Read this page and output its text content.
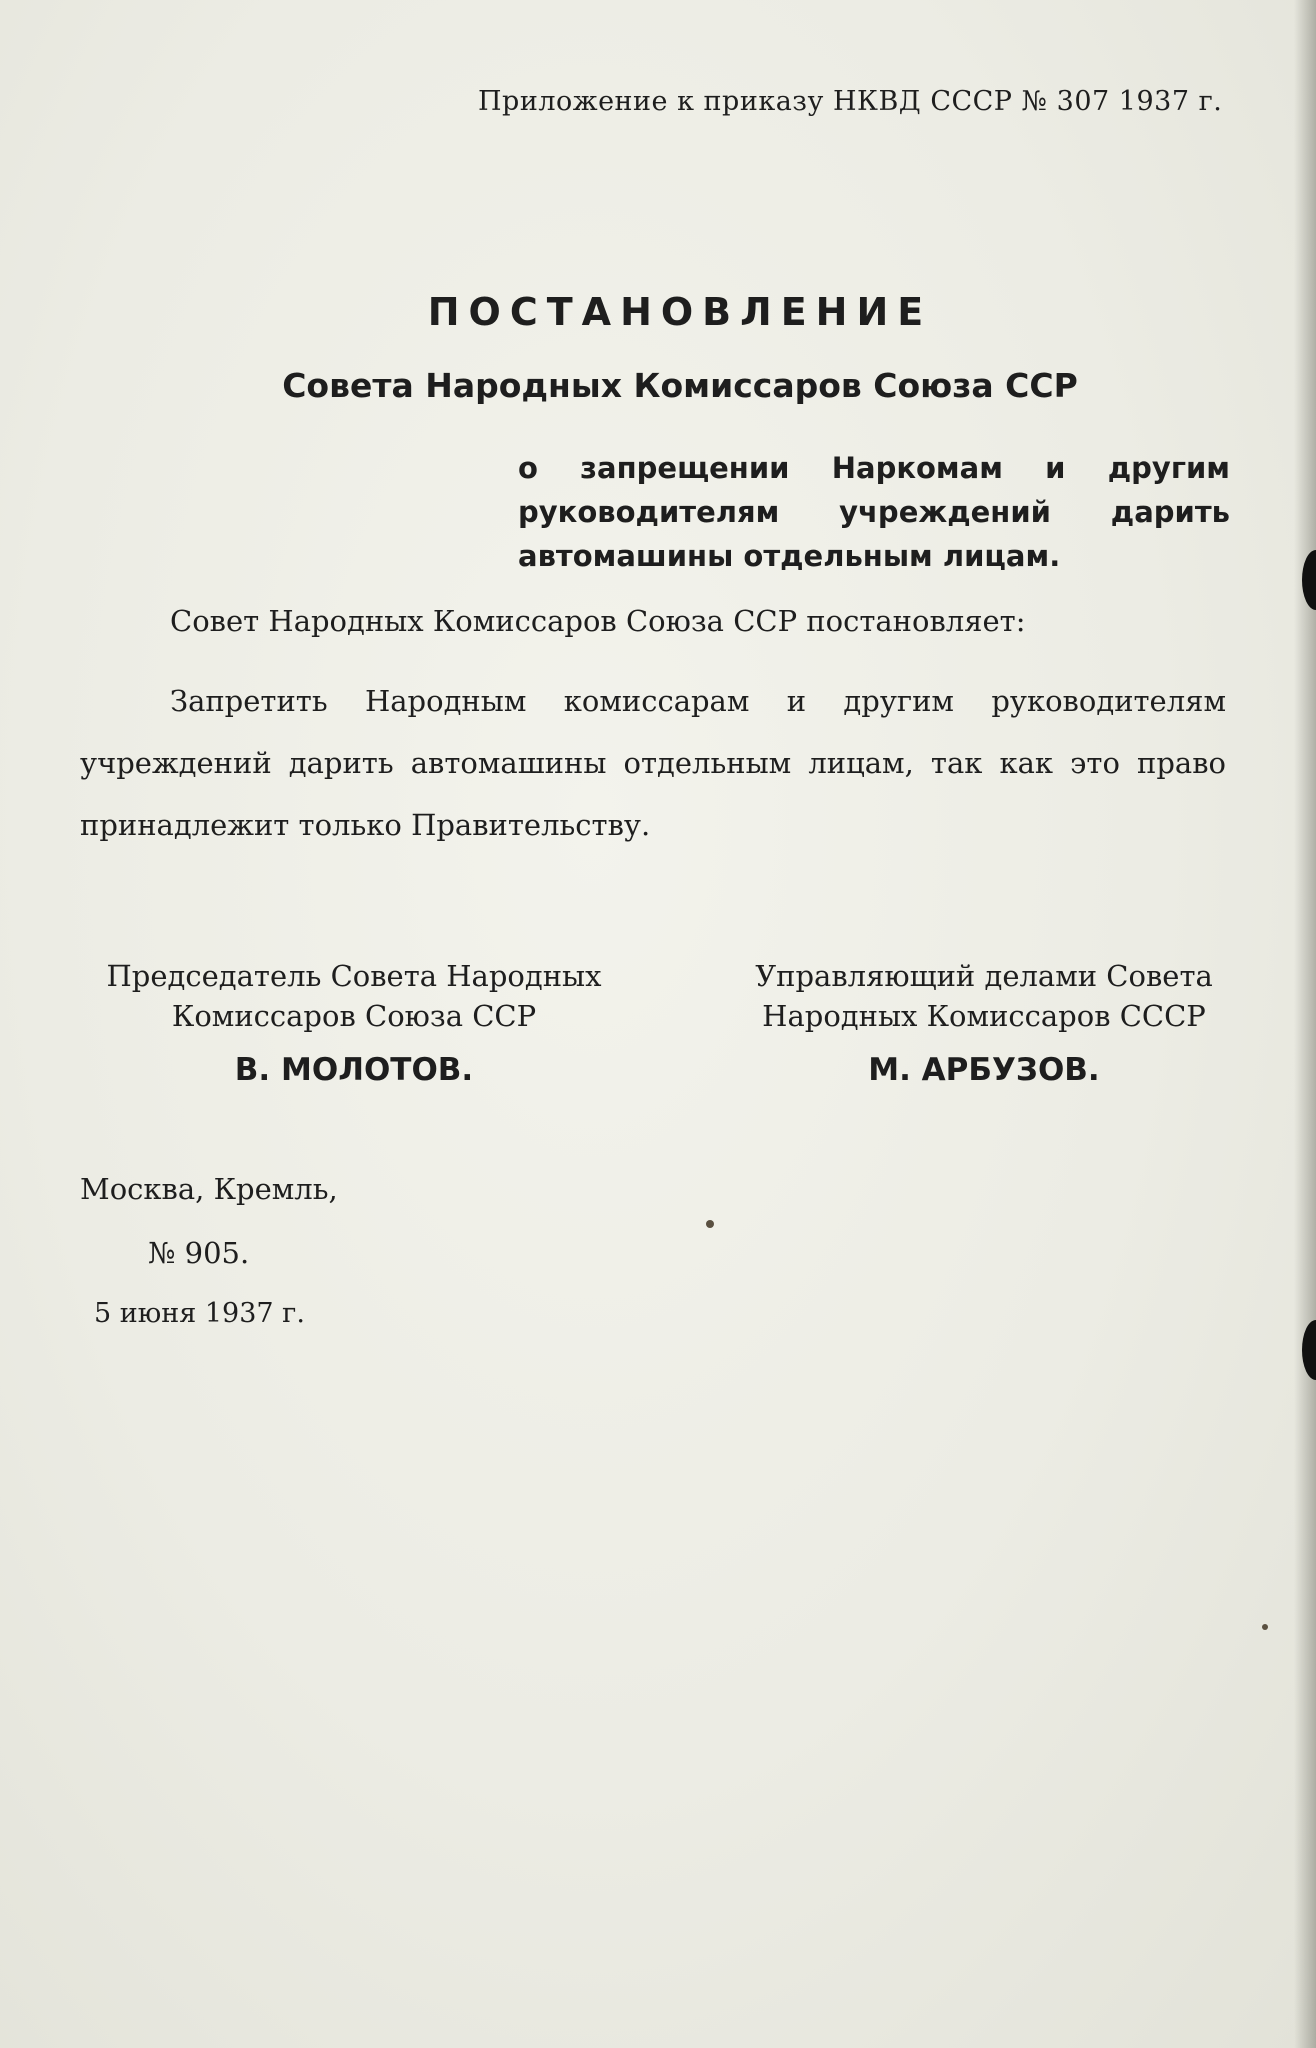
Приложение к приказу НКВД СССР № 307 1937 г.

ПОСТАНОВЛЕНИЕ
Совета Народных Комиссаров Союза ССР

о запрещении Наркомам и другим руководителям учреждений дарить автомашины отдельным лицам.

Совет Народных Комиссаров Союза ССР постановляет:

Запретить Народным комиссарам и другим руководителям учреждений дарить автомашины отдельным лицам, так как это право принадлежит только Правительству.

Председатель Совета Народных Комиссаров Союза ССР

Управляющий делами Совета Народных Комиссаров СССР

В. МОЛОТОВ.	М. АРБУЗОВ.

Москва, Кремль,

№ 905.

5 июня 1937 г.
